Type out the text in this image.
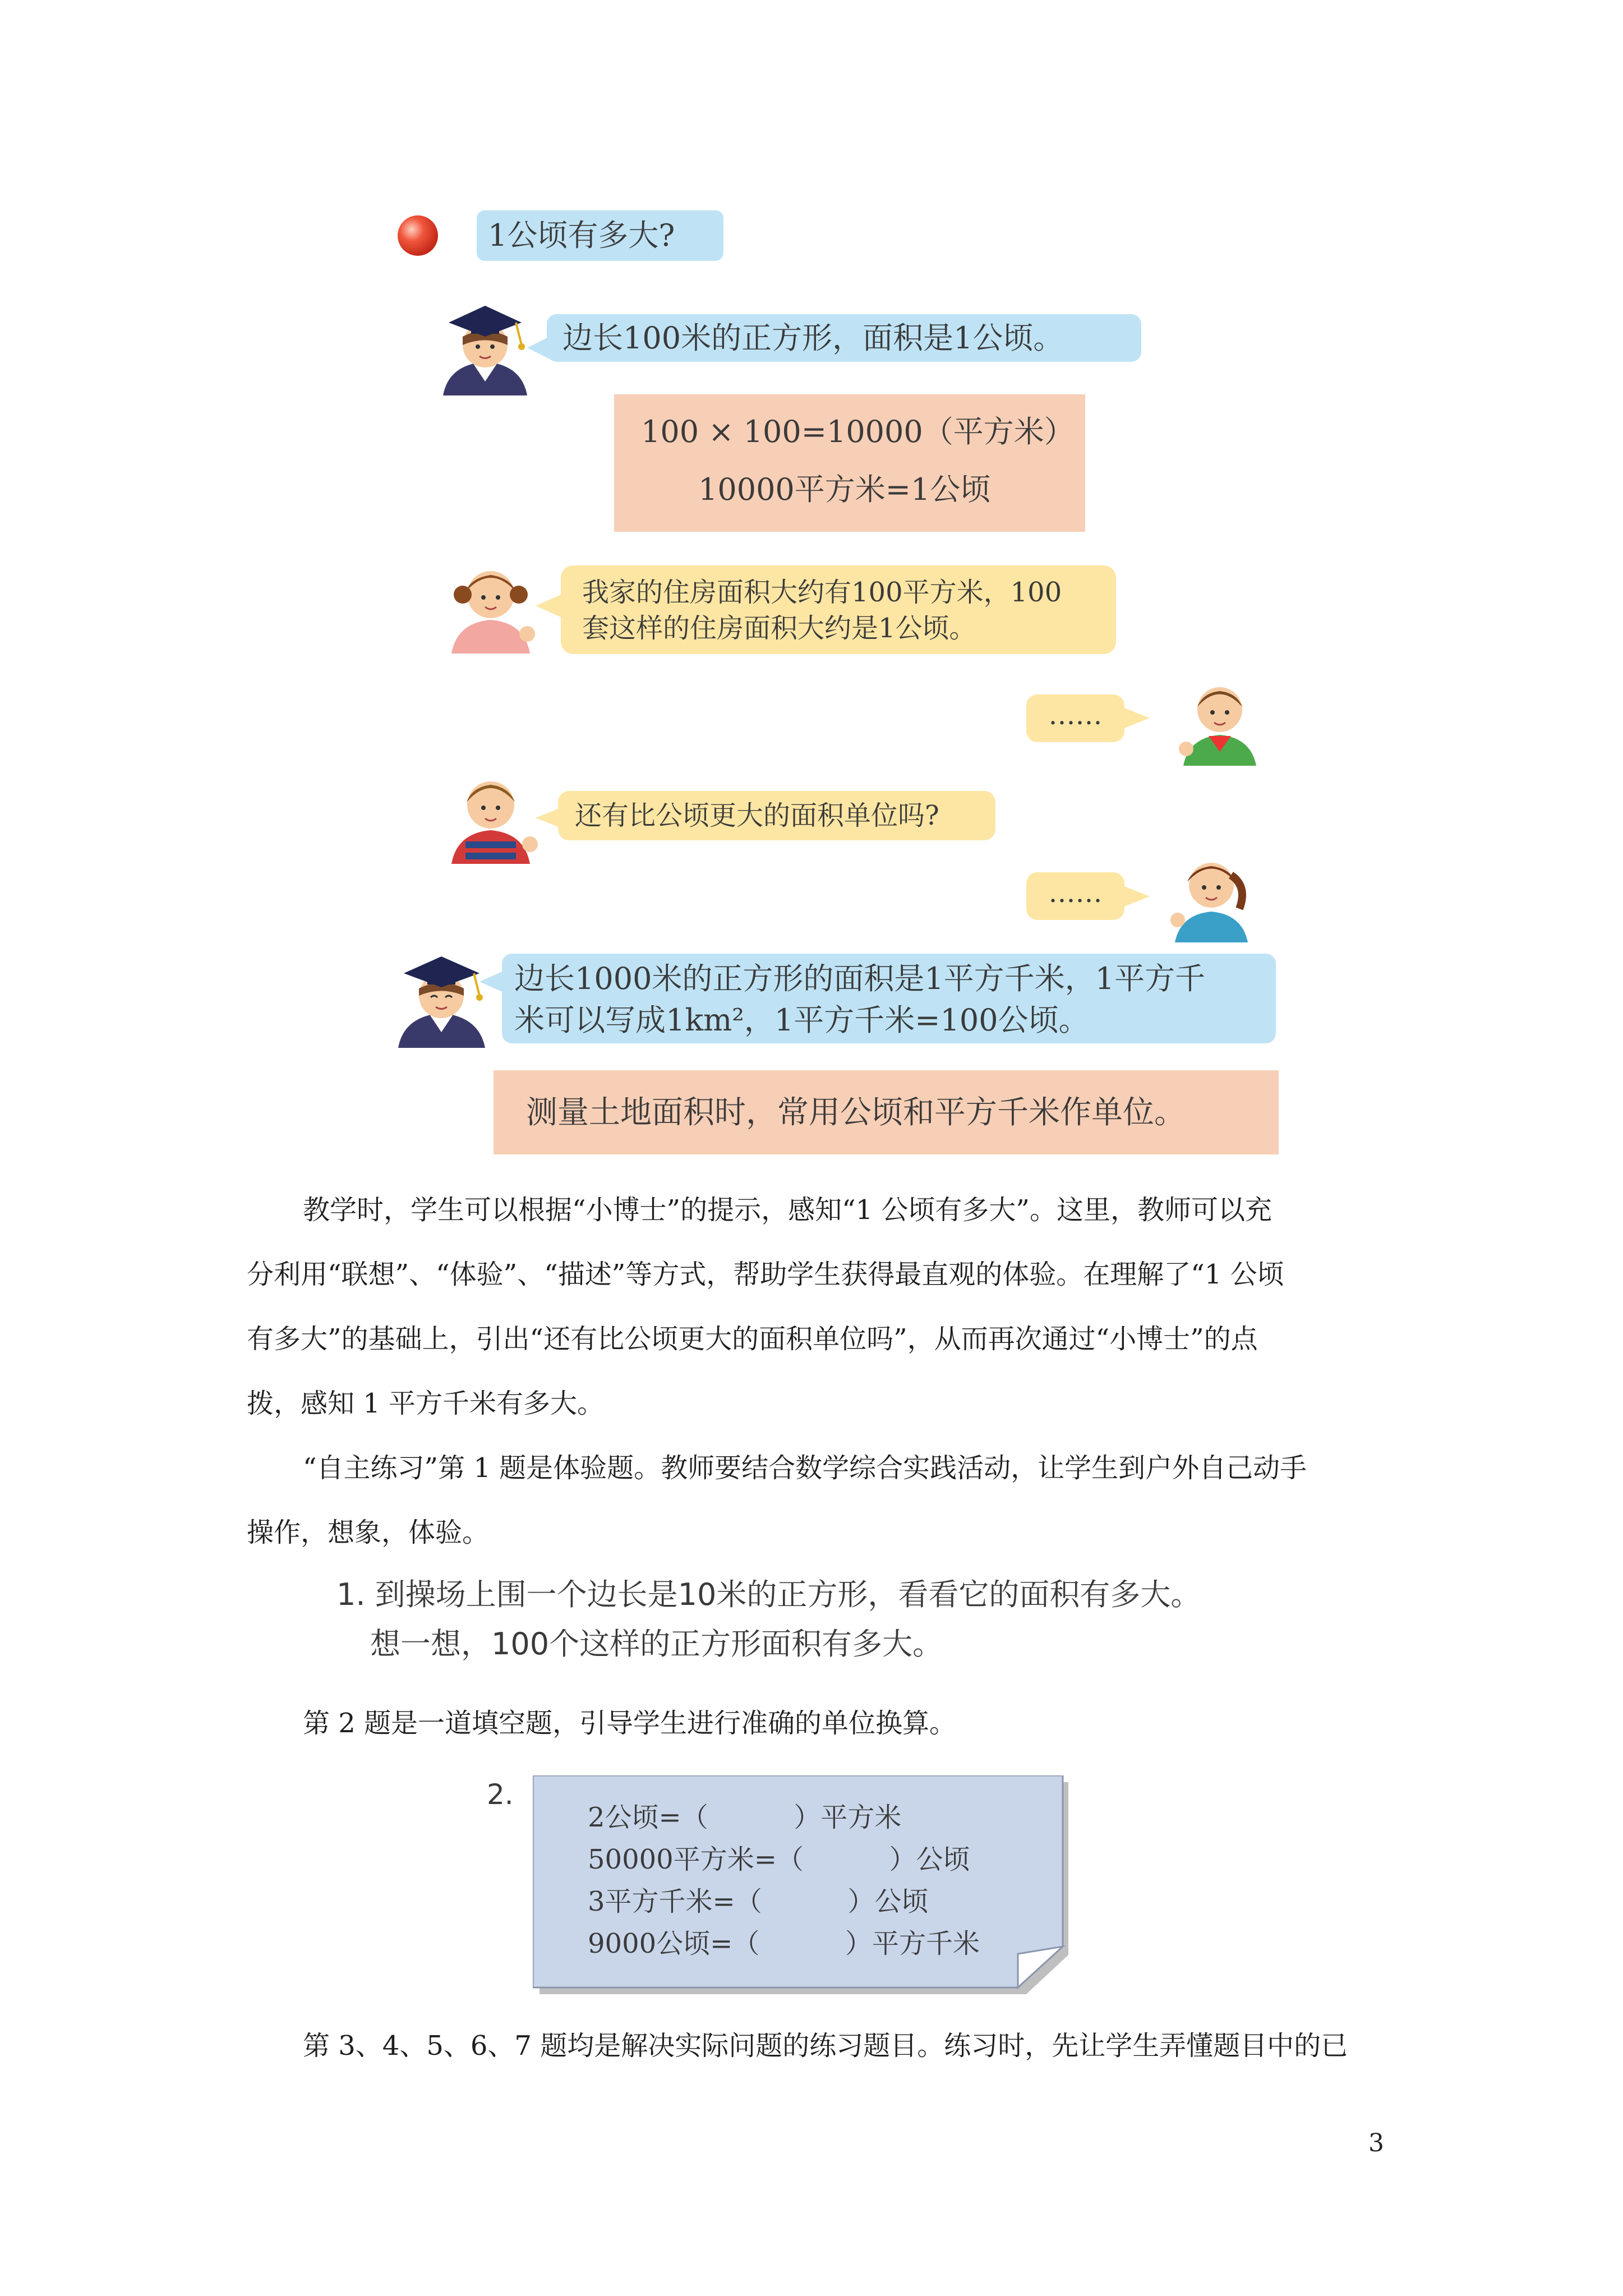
1公顷有多大?
边长100米的正方形，面积是1公顷。
100 × 100=10000（平方米）
10000平方米=1公顷
我家的住房面积大约有100平方米，100
套这样的住房面积大约是1公顷。
……
还有比公顷更大的面积单位吗?
……
边长1000米的正方形的面积是1平方千米，1平方千
米可以写成1km²，1平方千米=100公顷。
测量土地面积时，常用公顷和平方千米作单位。
教学时，学生可以根据“小博士”的提示，感知“1 公顷有多大”。这里，教师可以充
分利用“联想”、“体验”、“描述”等方式，帮助学生获得最直观的体验。在理解了“1 公顷
有多大”的基础上，引出“还有比公顷更大的面积单位吗”，从而再次通过“小博士”的点
拨，感知 1 平方千米有多大。
“自主练习”第 1 题是体验题。教师要结合数学综合实践活动，让学生到户外自己动手
操作，想象，体验。
1. 到操场上围一个边长是10米的正方形，看看它的面积有多大。
想一想，100个这样的正方形面积有多大。
第 2 题是一道填空题，引导学生进行准确的单位换算。
2.
2公顷=（          ）平方米
50000平方米=（          ）公顷
3平方千米=（          ）公顷
9000公顷=（          ）平方千米
第 3、4、5、6、7 题均是解决实际问题的练习题目。练习时，先让学生弄懂题目中的已
3
